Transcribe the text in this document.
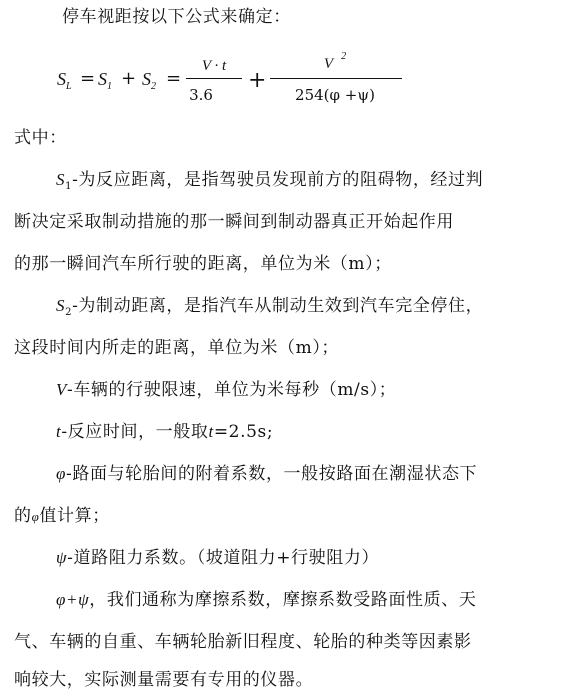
停车视距按以下公式来确定：
$S_L = S_1 + S_2$ =
V · t
3.6
+
V $^2$
254(φ +ψ)
式中：
$S_1-$为反应距离，是指驾驶员发现前方的阻碍物，经过判
断决定采取制动措施的那一瞬间到制动器真正开始起作用
的那一瞬间汽车所行驶的距离，单位为米（m）；
$S_2-$为制动距离，是指汽车从制动生效到汽车完全停住，
这段时间内所走的距离，单位为米（m）；
V-车辆的行驶限速，单位为米每秒（m/s）；
t-反应时间，一般取t=2.5s;
φ-路面与轮胎间的附着系数，一般按路面在潮湿状态下
的φ值计算；
ψ-道路阻力系数。（坡道阻力+行驶阻力）
φ+ψ，我们通称为摩擦系数，摩擦系数受路面性质、天
气、车辆的自重、车辆轮胎新旧程度、轮胎的种类等因素影
响较大，实际测量需要有专用的仪器。
